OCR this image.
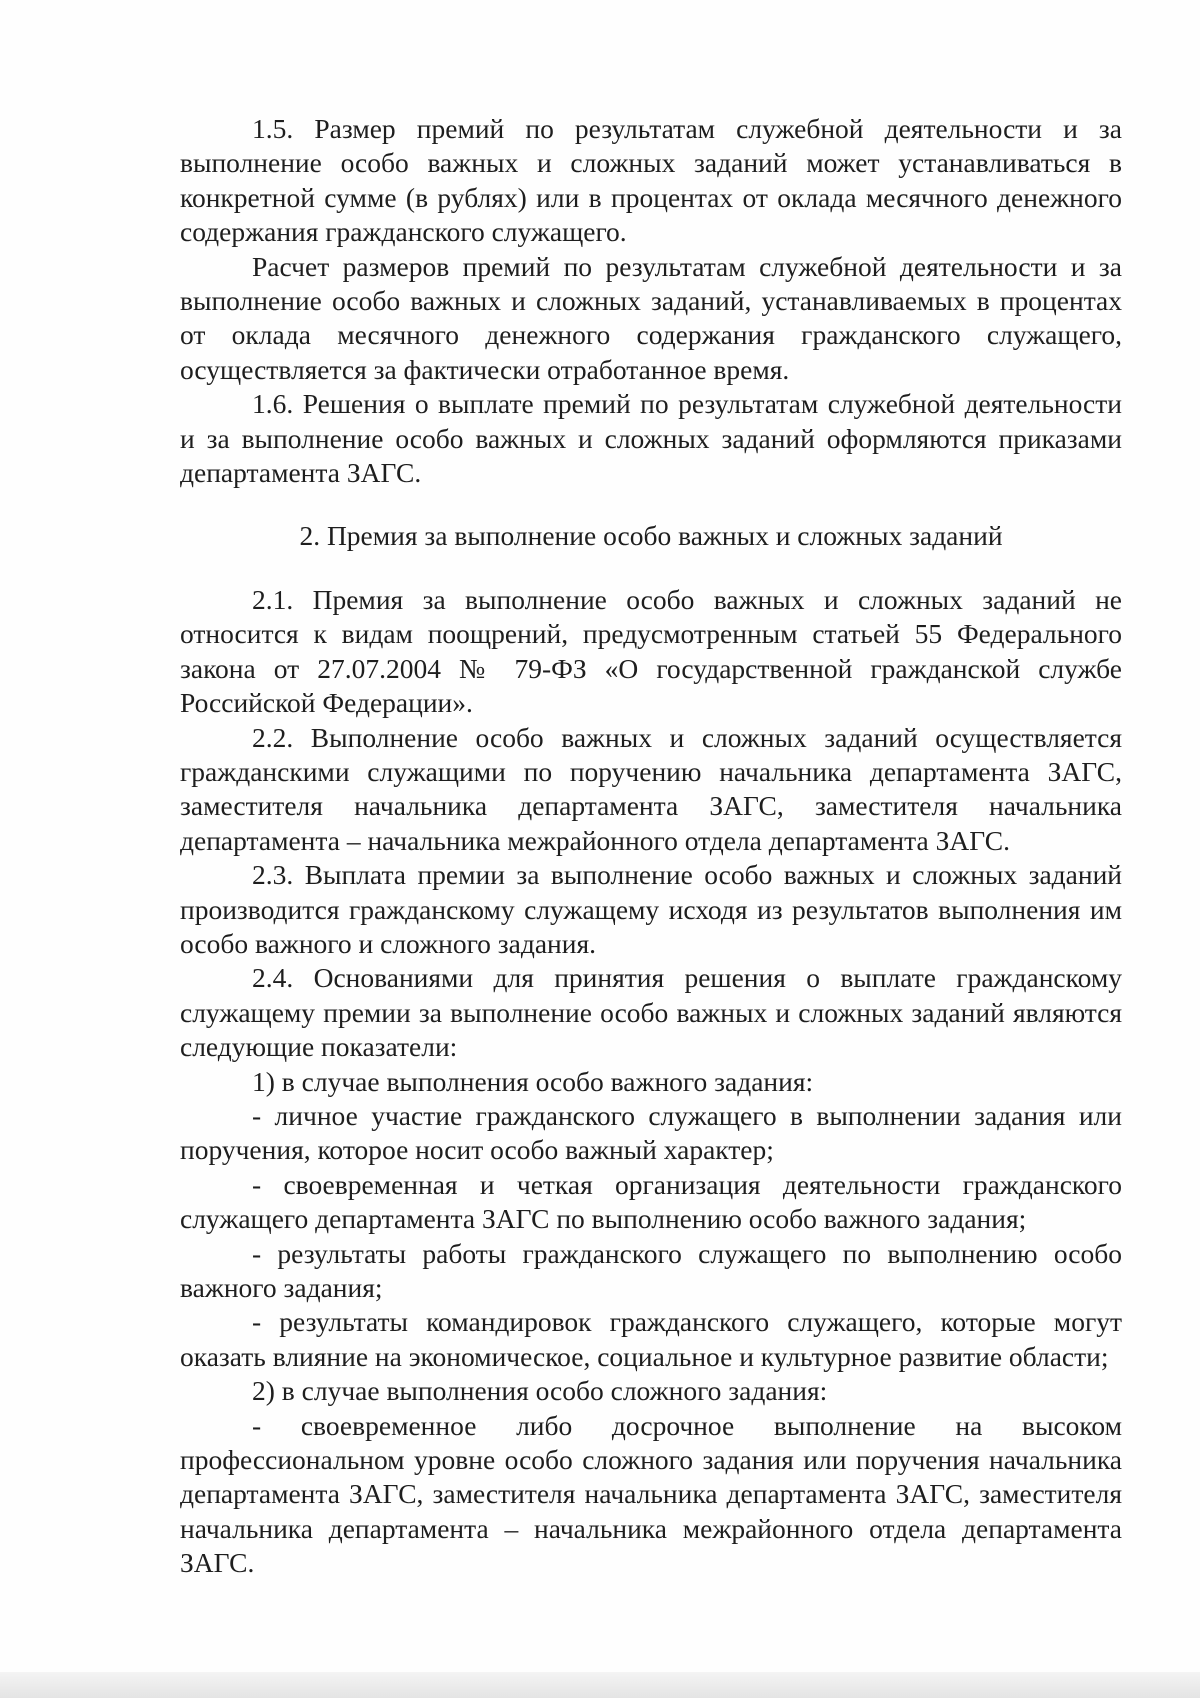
1.5. Размер премий по результатам служебной деятельности и за выполнение особо важных и сложных заданий может устанавливаться в конкретной сумме (в рублях) или в процентах от оклада месячного денежного содержания гражданского служащего.

Расчет размеров премий по результатам служебной деятельности и за выполнение особо важных и сложных заданий, устанавливаемых в процентах от оклада месячного денежного содержания гражданского служащего, осуществляется за фактически отработанное время.

1.6. Решения о выплате премий по результатам служебной деятельности и за выполнение особо важных и сложных заданий оформляются приказами департамента ЗАГС.

2. Премия за выполнение особо важных и сложных заданий

2.1. Премия за выполнение особо важных и сложных заданий не относится к видам поощрений, предусмотренным статьей 55 Федерального закона от 27.07.2004 № 79-ФЗ «О государственной гражданской службе Российской Федерации».

2.2. Выполнение особо важных и сложных заданий осуществляется гражданскими служащими по поручению начальника департамента ЗАГС, заместителя начальника департамента ЗАГС, заместителя начальника департамента – начальника межрайонного отдела департамента ЗАГС.

2.3. Выплата премии за выполнение особо важных и сложных заданий производится гражданскому служащему исходя из результатов выполнения им особо важного и сложного задания.

2.4. Основаниями для принятия решения о выплате гражданскому служащему премии за выполнение особо важных и сложных заданий являются следующие показатели:

1) в случае выполнения особо важного задания:

- личное участие гражданского служащего в выполнении задания или поручения, которое носит особо важный характер;

- своевременная и четкая организация деятельности гражданского служащего департамента ЗАГС по выполнению особо важного задания;

- результаты работы гражданского служащего по выполнению особо важного задания;

- результаты командировок гражданского служащего, которые могут оказать влияние на экономическое, социальное и культурное развитие области;

2) в случае выполнения особо сложного задания:

- своевременное либо досрочное выполнение на высоком профессиональном уровне особо сложного задания или поручения начальника департамента ЗАГС, заместителя начальника департамента ЗАГС, заместителя начальника департамента – начальника межрайонного отдела департамента ЗАГС.
